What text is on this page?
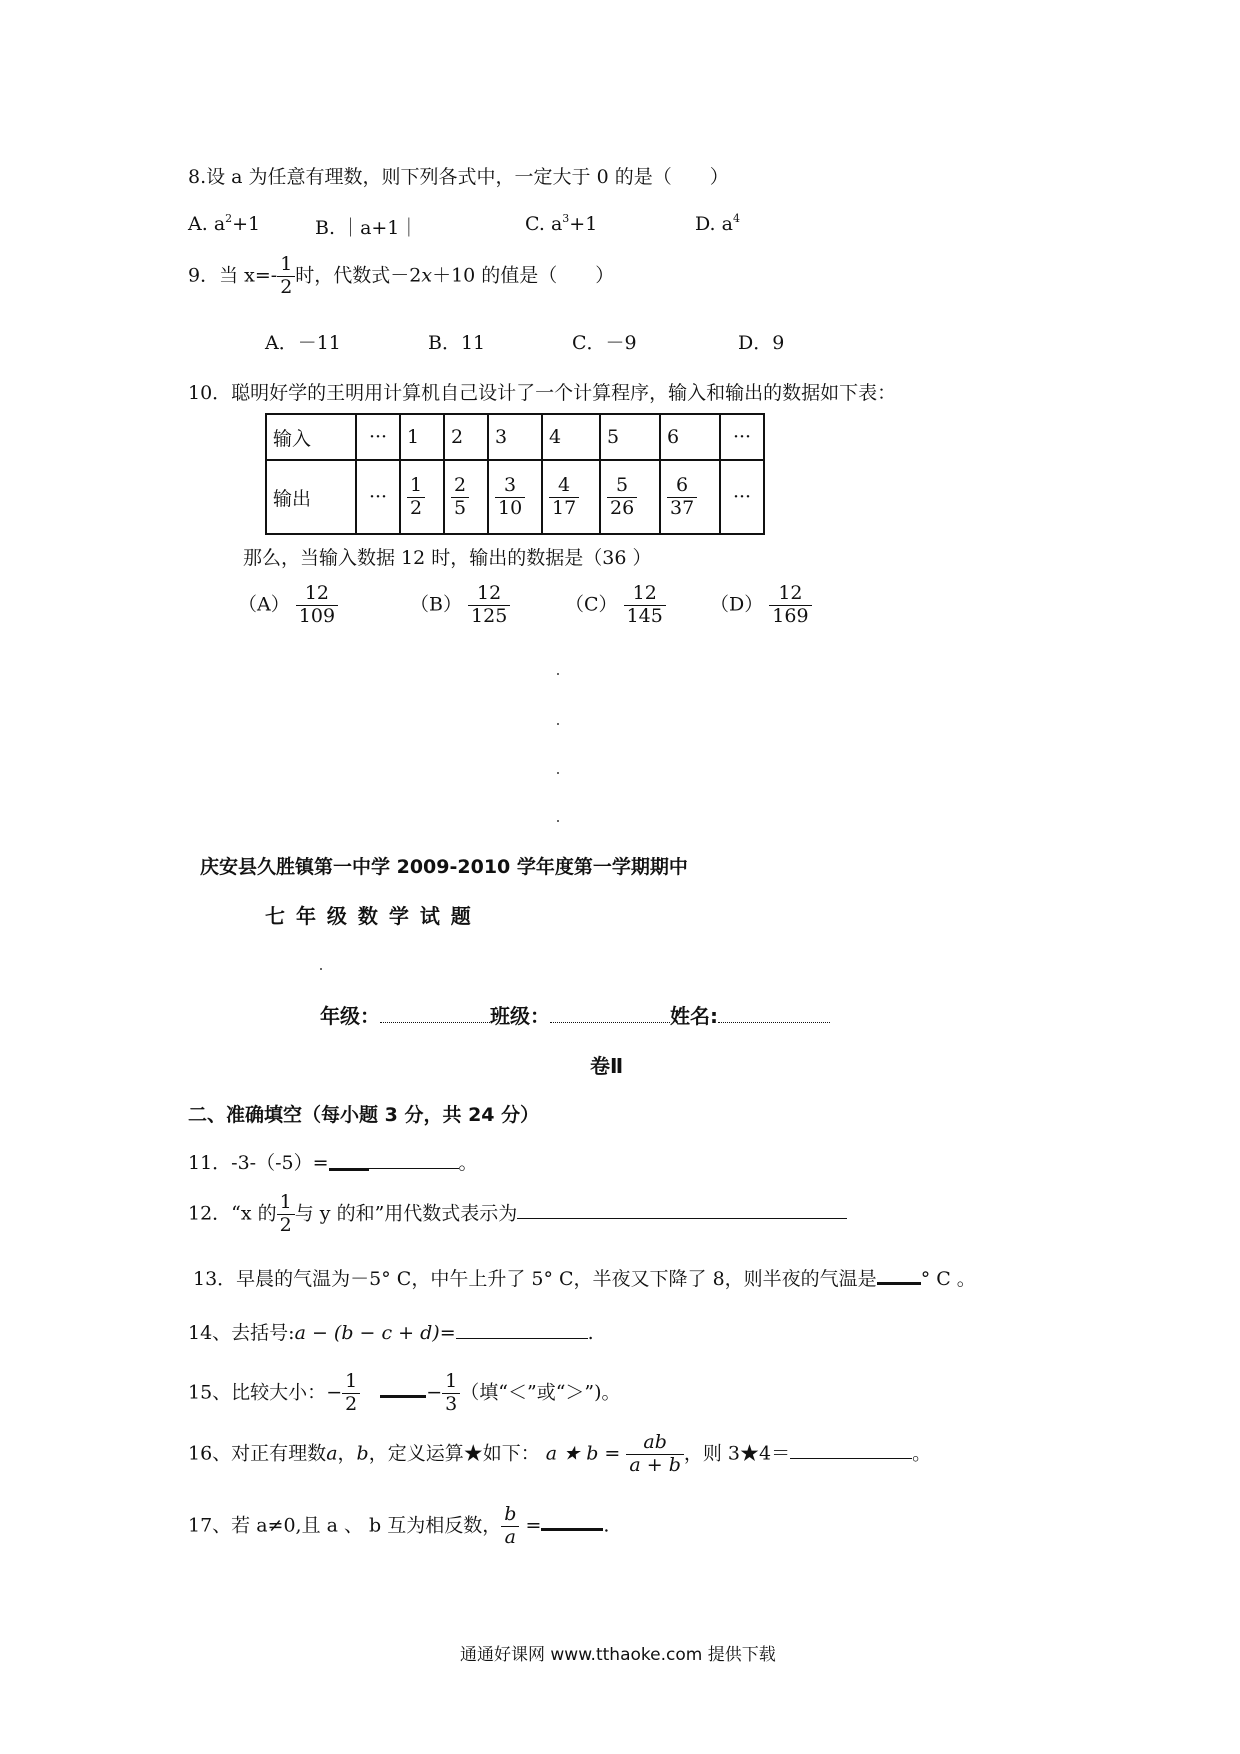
8.设 a 为任意有理数，则下列各式中，一定大于 0 的是（　　）
A. $a^2+1$	B. ｜a+1｜	C. $a^3+1$	D. $a^4$
9．当 $x=- \frac{1}{2}$ 时，代数式－2x＋10 的值是（　　）
A．－11	B．11	C．－9	D．9
10．聪明好学的王明用计算机自己设计了一个计算程序，输入和输出的数据如下表：
输入	···	1	2	3	4	5	6	···
输出	···	$\frac{1}{2}$	$\frac{2}{5}$	$\frac{3}{10}$	$\frac{4}{17}$	$\frac{5}{26}$	$\frac{6}{37}$	···
那么，当输入数据 12 时，输出的数据是（36 ）
$(A) \frac{12}{109}$	$(B) \frac{12}{125}$	$(C) \frac{12}{145} (D) \frac{12}{169}$
庆安县久胜镇第一中学 2009-2010 学年度第一学期期中
七 年 级 数 学 试 题
年级：	班级：	姓名:
卷Ⅱ
二、准确填空（每小题 3 分，共 24 分）
11．-3-（-5）=	。
12．“x 的 $\frac{1}{2}$ 与 y 的和”用代数式表示为
13．早晨的气温为－5° C，中午上升了 5° C，半夜又下降了 8，则半夜的气温是 ° C 。
14、去括号:a − (b − c + d)=	.
15、比较大小：− $\frac{1}{2}$	− $\frac{1}{3}$ （填“＜”或“＞”)。
16、对正有理数a，b，定义运算★如下： a ★ $b = \frac{ab}{a + b}$ ，则 3★4＝	。
17、若 a≠0,且 a 、 b 互为相反数， $\frac{b}{a}$ =	.
通通好课网 www.tthaoke.com 提供下载
